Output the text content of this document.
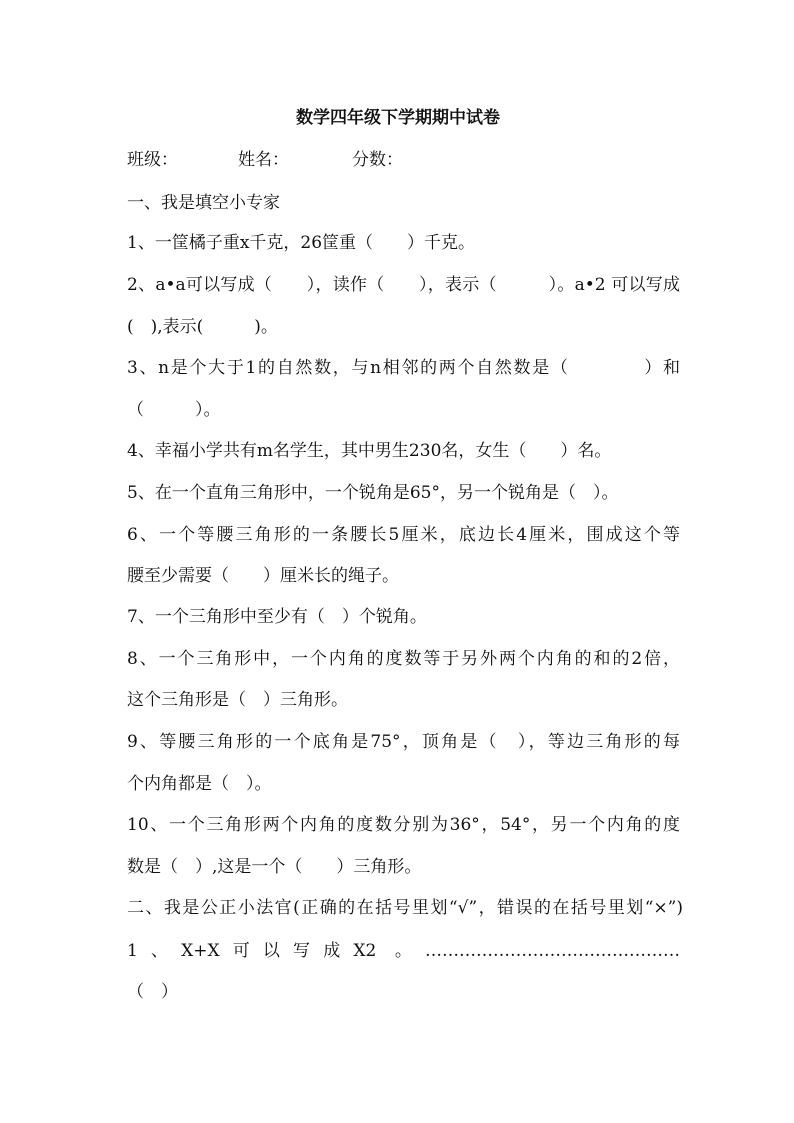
数学四年级下学期期中试卷
班级：	姓名：	分数：
一、我是填空小专家
1、一筐橘子重x千克，26筐重（　　）千克。
2、a•a可以写成（　　），读作（　　），表示（　　　）。a•2 可以写成
(　),表示(　　　)。
3、n是个大于1的自然数，与n相邻的两个自然数是（　　　　）和
（　　　）。
4、幸福小学共有m名学生，其中男生230名，女生（　　）名。
5、在一个直角三角形中，一个锐角是65°，另一个锐角是（　）。
6、一个等腰三角形的一条腰长5厘米，底边长4厘米，围成这个等
腰至少需要（　　）厘米长的绳子。
7、一个三角形中至少有（　）个锐角。
8、一个三角形中，一个内角的度数等于另外两个内角的和的2倍，
这个三角形是（　）三角形。
9、等腰三角形的一个底角是75°，顶角是（　），等边三角形的每
个内角都是（　）。
10、一个三角形两个内角的度数分别为36°，54°，另一个内角的度
数是（　）,这是一个（　　）三角形。
二、我是公正小法官(正确的在括号里划“√”，错误的在括号里划“×”)
1、X+X可以写成X2 。………………………………………
（　）
